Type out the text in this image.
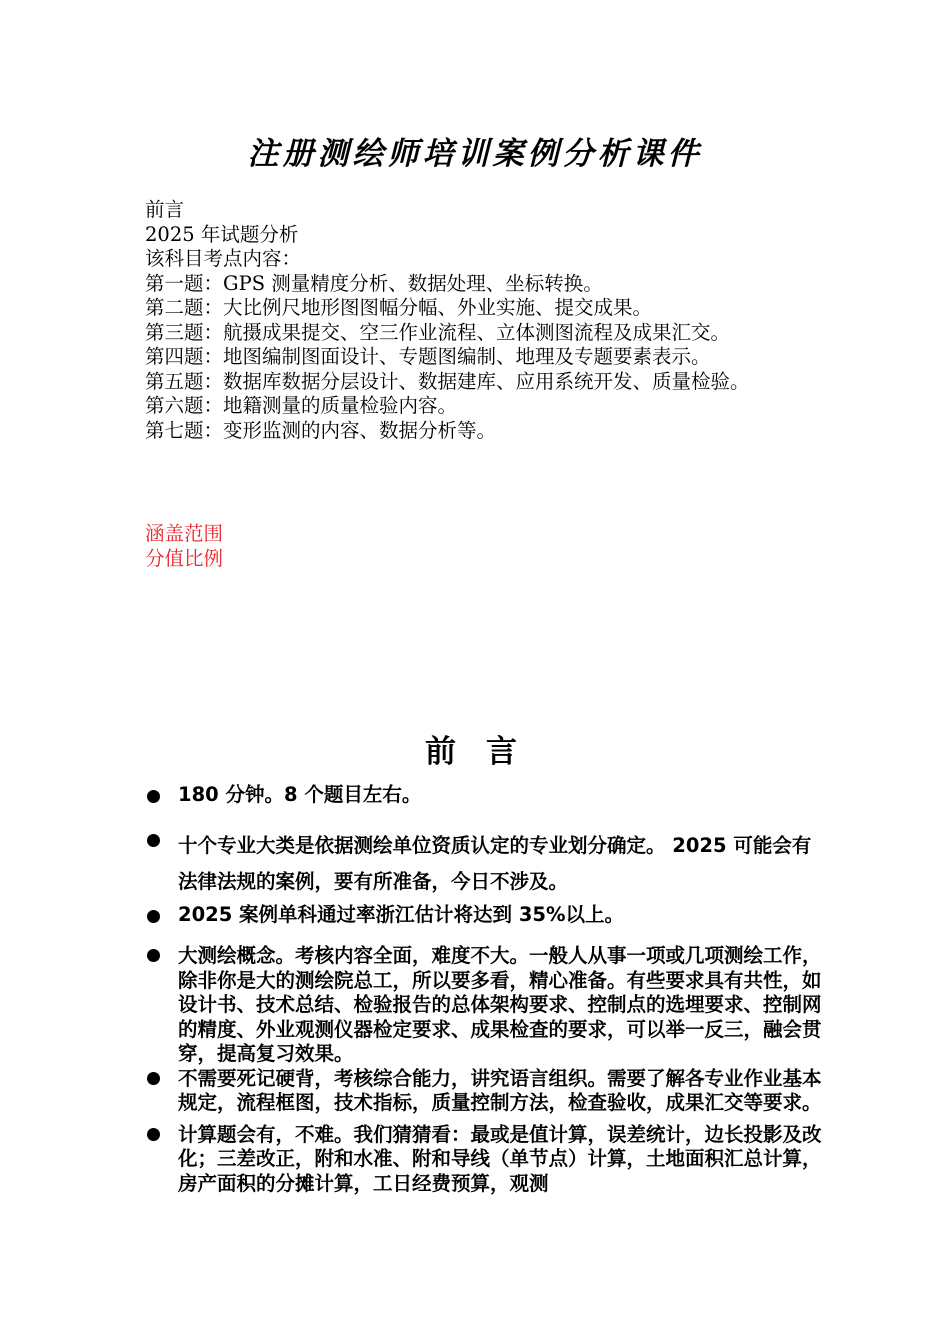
注册测绘师培训案例分析课件
前言
2025 年试题分析
该科目考点内容：
第一题：GPS 测量精度分析、数据处理、坐标转换。
第二题：大比例尺地形图图幅分幅、外业实施、提交成果。
第三题：航摄成果提交、空三作业流程、立体测图流程及成果汇交。
第四题：地图编制图面设计、专题图编制、地理及专题要素表示。
第五题：数据库数据分层设计、数据建库、应用系统开发、质量检验。
第六题：地籍测量的质量检验内容。
第七题：变形监测的内容、数据分析等。
涵盖范围
分值比例
前言
180 分钟。8 个题目左右。
十个专业大类是依据测绘单位资质认定的专业划分确定。 2025 可能会有法律法规的案例，要有所准备，今日不涉及。
2025 案例单科通过率浙江估计将达到 35%以上。
大测绘概念。考核内容全面，难度不大。一般人从事一项或几项测绘工作，除非你是大的测绘院总工，所以要多看，精心准备。有些要求具有共性，如设计书、技术总结、检验报告的总体架构要求、控制点的选埋要求、控制网的精度、外业观测仪器检定要求、成果检查的要求，可以举一反三，融会贯穿，提高复习效果。
不需要死记硬背，考核综合能力，讲究语言组织。需要了解各专业作业基本规定，流程框图，技术指标，质量控制方法，检查验收，成果汇交等要求。
计算题会有，不难。我们猜猜看：最或是值计算，误差统计，边长投影及改化；三差改正，附和水准、附和导线（单节点）计算，土地面积汇总计算，房产面积的分摊计算，工日经费预算，观测
